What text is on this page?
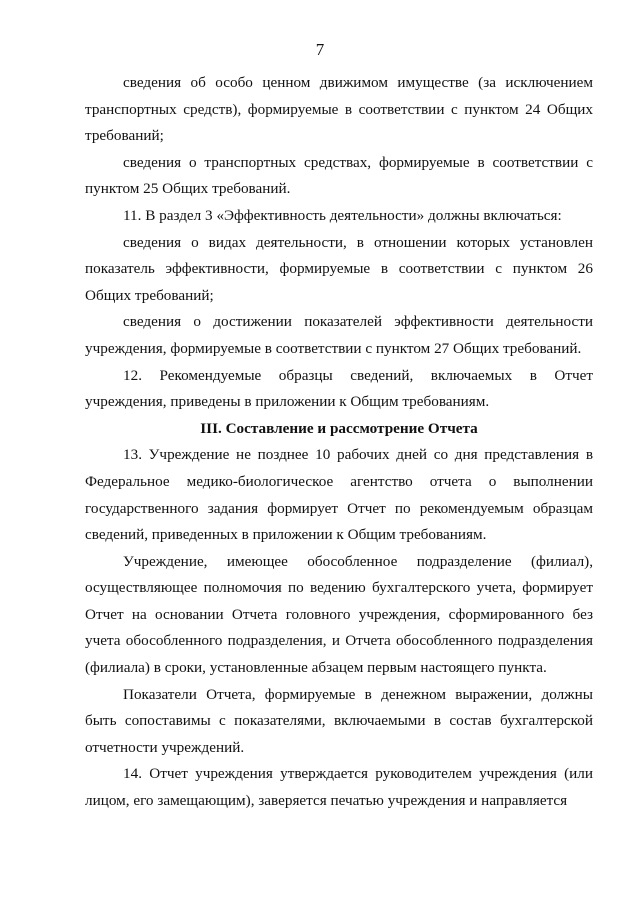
7

сведения об особо ценном движимом имуществе (за исключением транспортных средств), формируемые в соответствии с пунктом 24 Общих требований;

сведения о транспортных средствах, формируемые в соответствии с пунктом 25 Общих требований.

11. В раздел 3 «Эффективность деятельности» должны включаться:

сведения о видах деятельности, в отношении которых установлен показатель эффективности, формируемые в соответствии с пунктом 26 Общих требований;

сведения о достижении показателей эффективности деятельности учреждения, формируемые в соответствии с пунктом 27 Общих требований.

12. Рекомендуемые образцы сведений, включаемых в Отчет учреждения, приведены в приложении к Общим требованиям.

III. Составление и рассмотрение Отчета

13. Учреждение не позднее 10 рабочих дней со дня представления в Федеральное медико-биологическое агентство отчета о выполнении государственного задания формирует Отчет по рекомендуемым образцам сведений, приведенных в приложении к Общим требованиям.

Учреждение, имеющее обособленное подразделение (филиал), осуществляющее полномочия по ведению бухгалтерского учета, формирует Отчет на основании Отчета головного учреждения, сформированного без учета обособленного подразделения, и Отчета обособленного подразделения (филиала) в сроки, установленные абзацем первым настоящего пункта.

Показатели Отчета, формируемые в денежном выражении, должны быть сопоставимы с показателями, включаемыми в состав бухгалтерской отчетности учреждений.

14. Отчет учреждения утверждается руководителем учреждения (или лицом, его замещающим), заверяется печатью учреждения и направляется
